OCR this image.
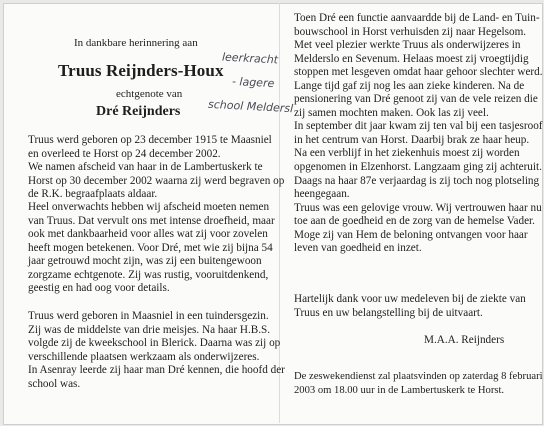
In dankbare herinnering aan
Truus Reijnders-Houx
echtgenote van
Dré Reijnders
leerkracht
- lagere
school Meldersl

Truus werd geboren op 23 december 1915 te Maasniel

en overleed te Horst op 24 december 2002.

We namen afscheid van haar in de Lambertuskerk te

Horst op 30 december 2002 waarna zij werd begraven op

de R.K. begraafplaats aldaar.

Heel onverwachts hebben wij afscheid moeten nemen

van Truus. Dat vervult ons met intense droefheid, maar

ook met dankbaarheid voor alles wat zij voor zovelen

heeft mogen betekenen. Voor Dré, met wie zij bijna 54

jaar getrouwd mocht zijn, was zij een buitengewoon

zorgzame echtgenote. Zij was rustig, vooruitdenkend,

geestig en had oog voor details.

Truus werd geboren in Maasniel in een tuindersgezin.

Zij was de middelste van drie meisjes. Na haar H.B.S.

volgde zij de kweekschool in Blerick. Daarna was zij op

verschillende plaatsen werkzaam als onderwijzeres.

In Asenray leerde zij haar man Dré kennen, die hoofd der

school was.

Toen Dré een functie aanvaardde bij de Land- en Tuin-

bouwschool in Horst verhuisden zij naar Hegelsom.

Met veel plezier werkte Truus als onderwijzeres in

Melderslo en Sevenum. Helaas moest zij vroegtijdig

stoppen met lesgeven omdat haar gehoor slechter werd.

Lange tijd gaf zij nog les aan zieke kinderen. Na de

pensionering van Dré genoot zij van de vele reizen die

zij samen mochten maken. Ook las zij veel.

In september dit jaar kwam zij ten val bij een tasjesroof

in het centrum van Horst. Daarbij brak ze haar heup.

Na een verblijf in het ziekenhuis moest zij worden

opgenomen in Elzenhorst. Langzaam ging zij achteruit.

Daags na haar 87e verjaardag is zij toch nog plotseling

heengegaan.

Truus was een gelovige vrouw. Wij vertrouwen haar nu

toe aan de goedheid en de zorg van de hemelse Vader.

Moge zij van Hem de beloning ontvangen voor haar

leven van goedheid en inzet.

Hartelijk dank voor uw medeleven bij de ziekte van

Truus en uw belangstelling bij de uitvaart.

M.A.A. Reijnders

De zeswekendienst zal plaatsvinden op zaterdag 8 februari

2003 om 18.00 uur in de Lambertuskerk te Horst.
